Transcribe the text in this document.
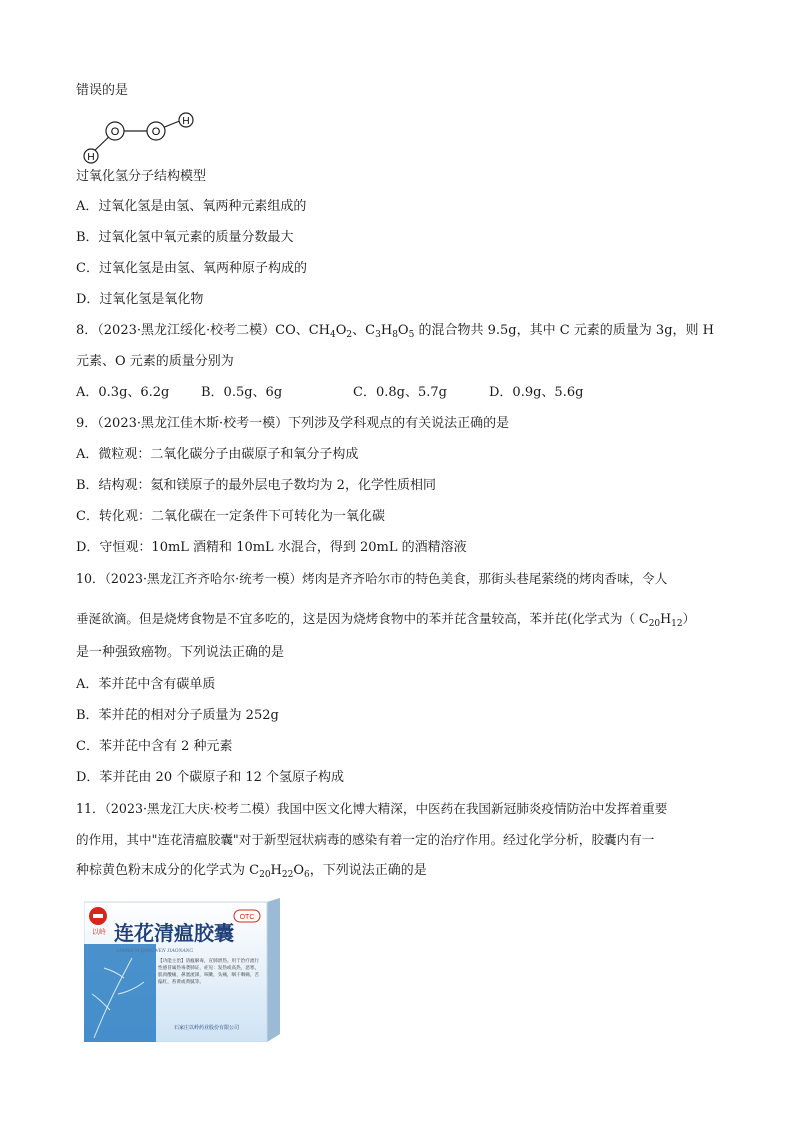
错误的是
H
O	O
H
过氧化氢分子结构模型
A．过氧化氢是由氢、氧两种元素组成的
B．过氧化氢中氧元素的质量分数最大
C．过氧化氢是由氢、氧两种原子构成的
D．过氧化氢是氧化物
8．（2023·黑龙江绥化·校考二模）CO、$CH_4O_2$、$C_3H_8O_5$ 的混合物共 9.5g，其中 C 元素的质量为 3g，则 H
元素、O 元素的质量分别为
A．0.3g、6.2g B．0.5g、6g	C．0.8g、5.7g	D．0.9g、5.6g
9．（2023·黑龙江佳木斯·校考一模）下列涉及学科观点的有关说法正确的是
A．微粒观：二氧化碳分子由碳原子和氧分子构成
B．结构观：氦和镁原子的最外层电子数均为 2，化学性质相同
C．转化观：二氧化碳在一定条件下可转化为一氧化碳
D．守恒观：10mL 酒精和 10mL 水混合，得到 20mL 的酒精溶液
10．（2023·黑龙江齐齐哈尔·统考一模）烤肉是齐齐哈尔市的特色美食，那街头巷尾萦绕的烤肉香味，令人
垂涎欲滴。但是烧烤食物是不宜多吃的，这是因为烧烤食物中的苯并芘含量较高，苯并芘(化学式为（ $C_{20}H_{12}$）
是一种强致癌物。下列说法正确的是
A．苯并芘中含有碳单质
B．苯并芘的相对分子质量为 252g
C．苯并芘中含有 2 种元素
D．苯并芘由 20 个碳原子和 12 个氢原子构成
11．（2023·黑龙江大庆·校考二模）我国中医文化博大精深，中医药在我国新冠肺炎疫情防治中发挥着重要
的作用，其中"连花清瘟胶囊"对于新型冠状病毒的感染有着一定的治疗作用。经过化学分析，胶囊内有一
种棕黄色粉末成分的化学式为 $C_{20}H_{22}O_6$，下列说法正确的是
以岭
OTC
连花清瘟胶囊
LIANHUA QINGWEN JIAONANG
【功能主治】清瘟解毒，宣肺泄热。用于治疗流行性感冒属热毒袭肺证，症见：发热或高热，恶寒，肌肉酸痛，鼻塞流涕，咳嗽，头痛，咽干咽痛，舌偏红，苔黄或黄腻等。
石家庄以岭药业股份有限公司
